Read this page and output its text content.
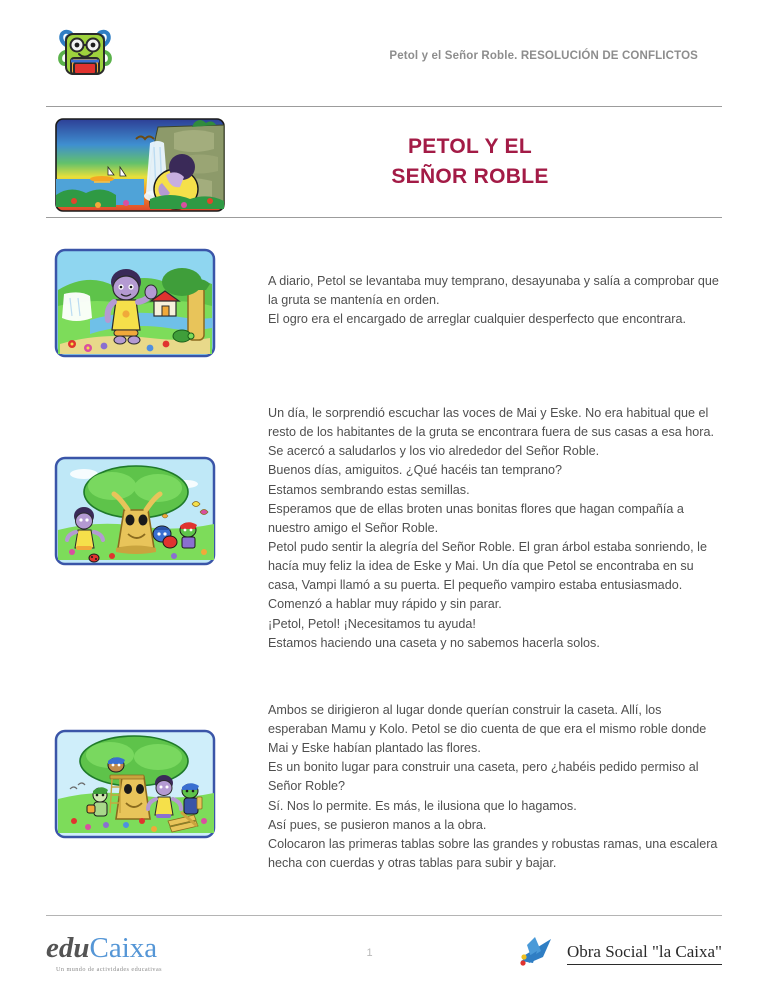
Petol y el Señor Roble. RESOLUCIÓN DE CONFLICTOS
PETOL Y EL
SEÑOR ROBLE

A diario, Petol se levantaba muy temprano, desayunaba y salía a comprobar que la gruta se mantenía en orden.

El ogro era el encargado de arreglar cualquier desperfecto que encontrara.

Un día, le sorprendió escuchar las voces de Mai y Eske. No era habitual que el resto de los habitantes de la gruta se encontrara fuera de sus casas a esa hora. Se acercó a saludarlos y los vio alrededor del Señor Roble.

Buenos días, amiguitos. ¿Qué hacéis tan temprano?

Estamos sembrando estas semillas.

Esperamos que de ellas broten unas bonitas flores que hagan compañía a nuestro amigo el Señor Roble.

Petol pudo sentir la alegría del Señor Roble. El gran árbol estaba sonriendo, le hacía muy feliz la idea de Eske y Mai. Un día que Petol se encontraba en su casa, Vampi llamó a su puerta. El pequeño vampiro estaba entusiasmado. Comenzó a hablar muy rápido y sin parar.

¡Petol, Petol! ¡Necesitamos tu ayuda!

Estamos haciendo una caseta y no sabemos hacerla solos.

Ambos se dirigieron al lugar donde querían construir la caseta. Allí, los esperaban Mamu y Kolo. Petol se dio cuenta de que era el mismo roble donde Mai y Eske habían plantado las flores.

Es un bonito lugar para construir una caseta, pero ¿habéis pedido permiso al Señor Roble?

Sí. Nos lo permite. Es más, le ilusiona que lo hagamos.

Así pues, se pusieron manos a la obra.

Colocaron las primeras tablas sobre las grandes y robustas ramas, una escalera hecha con cuerdas y otras tablas para subir y bajar.

eduCaixa
Un mundo de actividades educativas
1	Obra Social "la Caixa"
